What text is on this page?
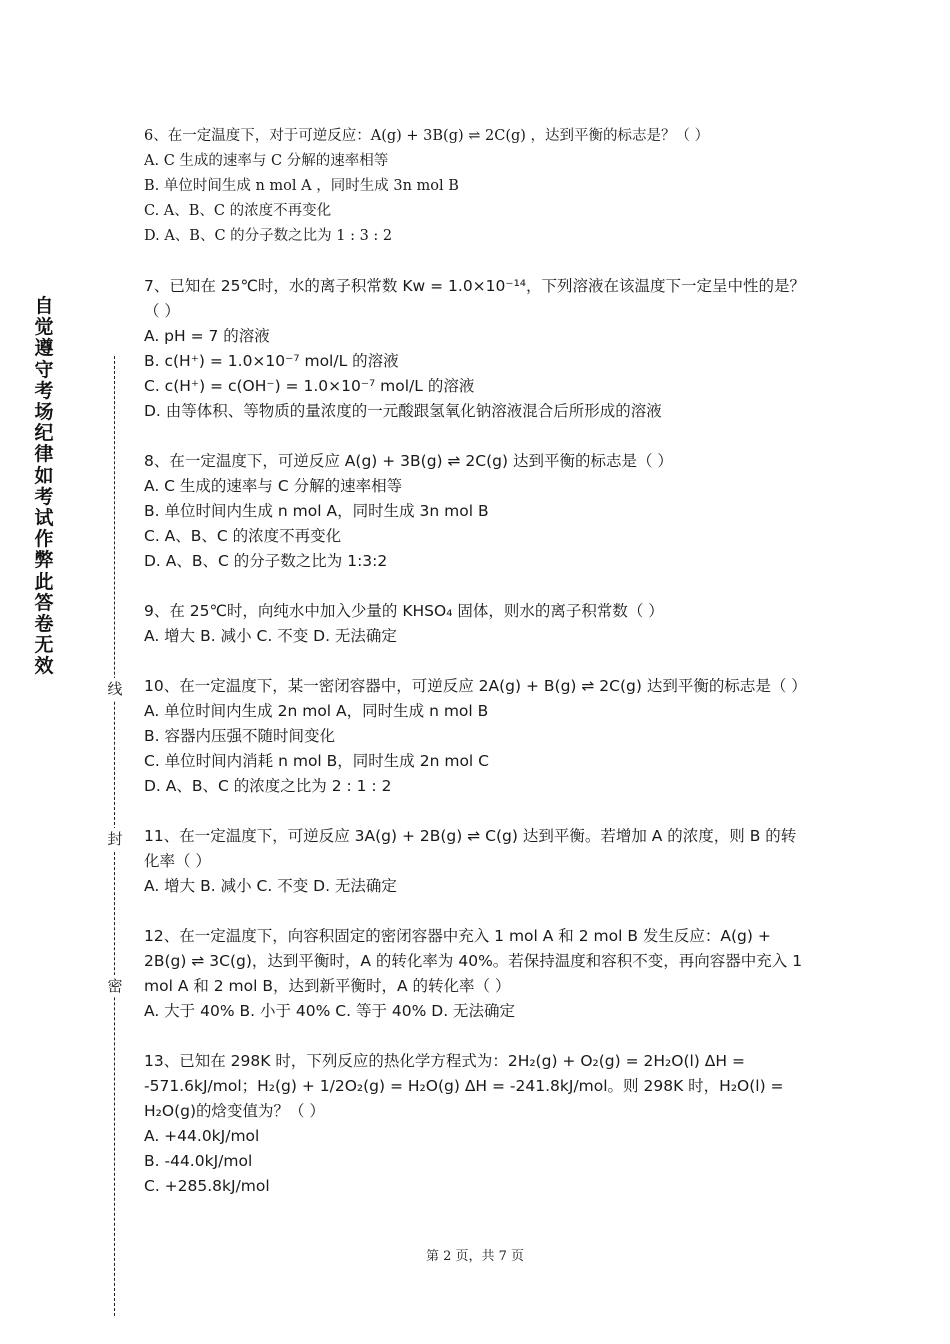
自觉遵守考场纪律如考试作弊此答卷无效
线
封
密

6、在一定温度下，对于可逆反应：A(g) + 3B(g) ⇌ 2C(g) ，达到平衡的标志是？（ ）

A. C 生成的速率与 C 分解的速率相等

B. 单位时间生成 n mol A ，同时生成 3n mol B

C. A、B、C 的浓度不再变化

D. A、B、C 的分子数之比为 1 : 3 : 2

7、已知在 25℃时，水的离子积常数 Kw = 1.0×10⁻¹⁴，下列溶液在该温度下一定呈中性的是？（ ）

A. pH = 7 的溶液

B. c(H⁺) = 1.0×10⁻⁷ mol/L 的溶液

C. c(H⁺) = c(OH⁻) = 1.0×10⁻⁷ mol/L 的溶液

D. 由等体积、等物质的量浓度的一元酸跟氢氧化钠溶液混合后所形成的溶液

8、在一定温度下，可逆反应 A(g) + 3B(g) ⇌ 2C(g) 达到平衡的标志是（ ）

A. C 生成的速率与 C 分解的速率相等

B. 单位时间内生成 n mol A，同时生成 3n mol B

C. A、B、C 的浓度不再变化

D. A、B、C 的分子数之比为 1:3:2

9、在 25℃时，向纯水中加入少量的 KHSO₄ 固体，则水的离子积常数（ ）

A. 增大 B. 减小 C. 不变 D. 无法确定

10、在一定温度下，某一密闭容器中，可逆反应 2A(g) + B(g) ⇌ 2C(g) 达到平衡的标志是（ ）

A. 单位时间内生成 2n mol A，同时生成 n mol B

B. 容器内压强不随时间变化

C. 单位时间内消耗 n mol B，同时生成 2n mol C

D. A、B、C 的浓度之比为 2 : 1 : 2

11、在一定温度下，可逆反应 3A(g) + 2B(g) ⇌ C(g) 达到平衡。若增加 A 的浓度，则 B 的转化率（ ）

A. 增大 B. 减小 C. 不变 D. 无法确定

12、在一定温度下，向容积固定的密闭容器中充入 1 mol A 和 2 mol B 发生反应：A(g) + 2B(g) ⇌ 3C(g)，达到平衡时，A 的转化率为 40%。若保持温度和容积不变，再向容器中充入 1 mol A 和 2 mol B，达到新平衡时，A 的转化率（ ）

A. 大于 40% B. 小于 40% C. 等于 40% D. 无法确定

13、已知在 298K 时，下列反应的热化学方程式为：2H₂(g) + O₂(g) = 2H₂O(l) ΔH = -571.6kJ/mol；H₂(g) + 1/2O₂(g) = H₂O(g) ΔH = -241.8kJ/mol。则 298K 时，H₂O(l) = H₂O(g)的焓变值为？（ ）

A. +44.0kJ/mol

B. -44.0kJ/mol

C. +285.8kJ/mol

第 2 页，共 7 页
